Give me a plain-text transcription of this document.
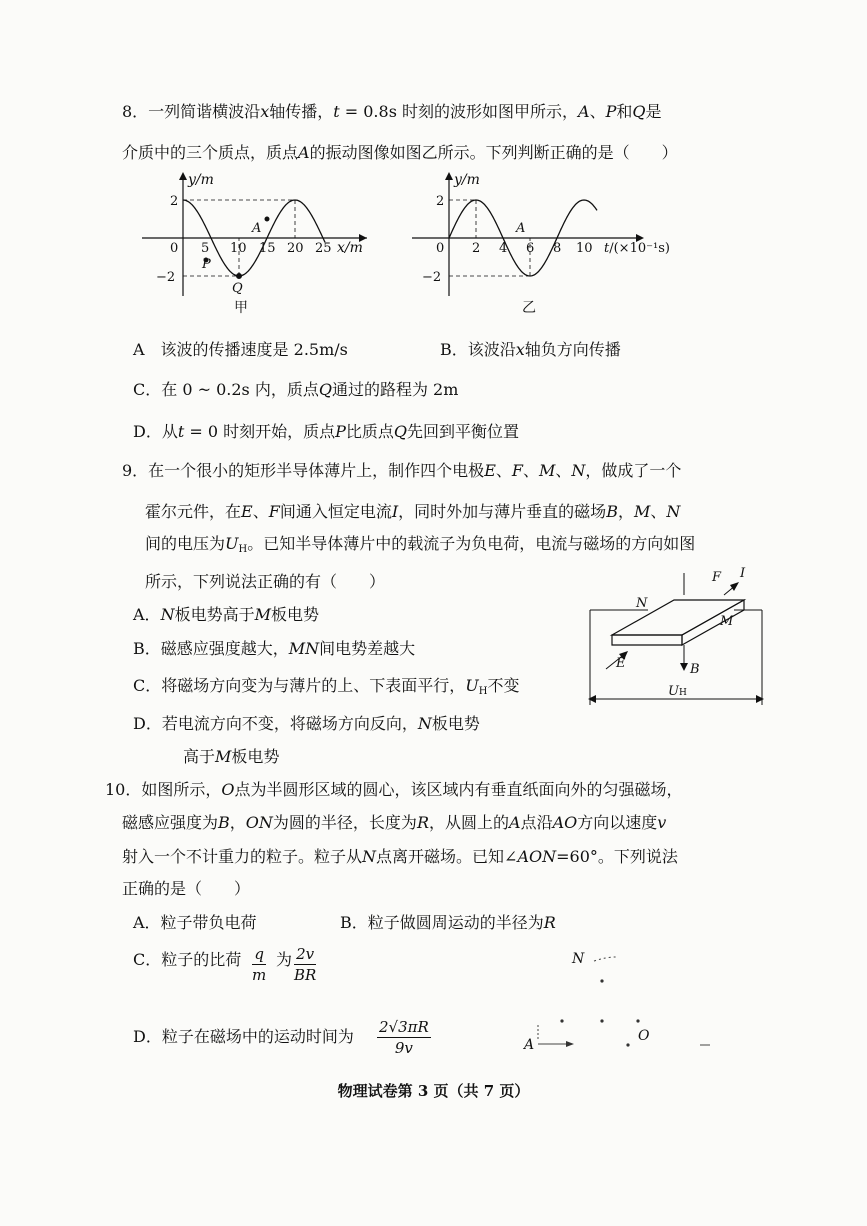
8．一列简谐横波沿x轴传播，t = 0.8s 时刻的波形如图甲所示，A、P和Q是
介质中的三个质点，质点A的振动图像如图乙所示。下列判断正确的是（　　）
y/m
x/m
0 5 10 15 20 25
2
−2
A
P
Q
甲
y/m
t/(×10⁻¹s)
0 2 4 6 8 10
2
−2
A
乙
A　该波的传播速度是 2.5m/s	B．该波沿x轴负方向传播
C．在 0 ~ 0.2s 内，质点Q通过的路程为 2m
D．从t = 0 时刻开始，质点P比质点Q先回到平衡位置
9．在一个很小的矩形半导体薄片上，制作四个电极E、F、M、N，做成了一个
霍尔元件，在E、F间通入恒定电流I，同时外加与薄片垂直的磁场B，M、N
间的电压为$U_H$。已知半导体薄片中的载流子为负电荷，电流与磁场的方向如图
所示，下列说法正确的有（　　）
A．N板电势高于M板电势
B．磁感应强度越大，MN间电势差越大
C．将磁场方向变为与薄片的上、下表面平行，$U_H$不变
D．若电流方向不变，将磁场方向反向，N板电势
高于M板电势
N
M
F I
E	B
UH
10．如图所示，O点为半圆形区域的圆心，该区域内有垂直纸面向外的匀强磁场，
磁感应强度为B，ON为圆的半径，长度为R，从圆上的A点沿AO方向以速度v
射入一个不计重力的粒子。粒子从N点离开磁场。已知∠AON=60°。下列说法
正确的是（　　）
A．粒子带负电荷	B．粒子做圆周运动的半径为R
C．粒子的比荷 $\frac{q}{m}$ 为 $\frac{2v}{BR}$
D．粒子在磁场中的运动时间为 $\frac{2√3\pi R}{9v}$
N
O
A
物理试卷第 3 页（共 7 页）
